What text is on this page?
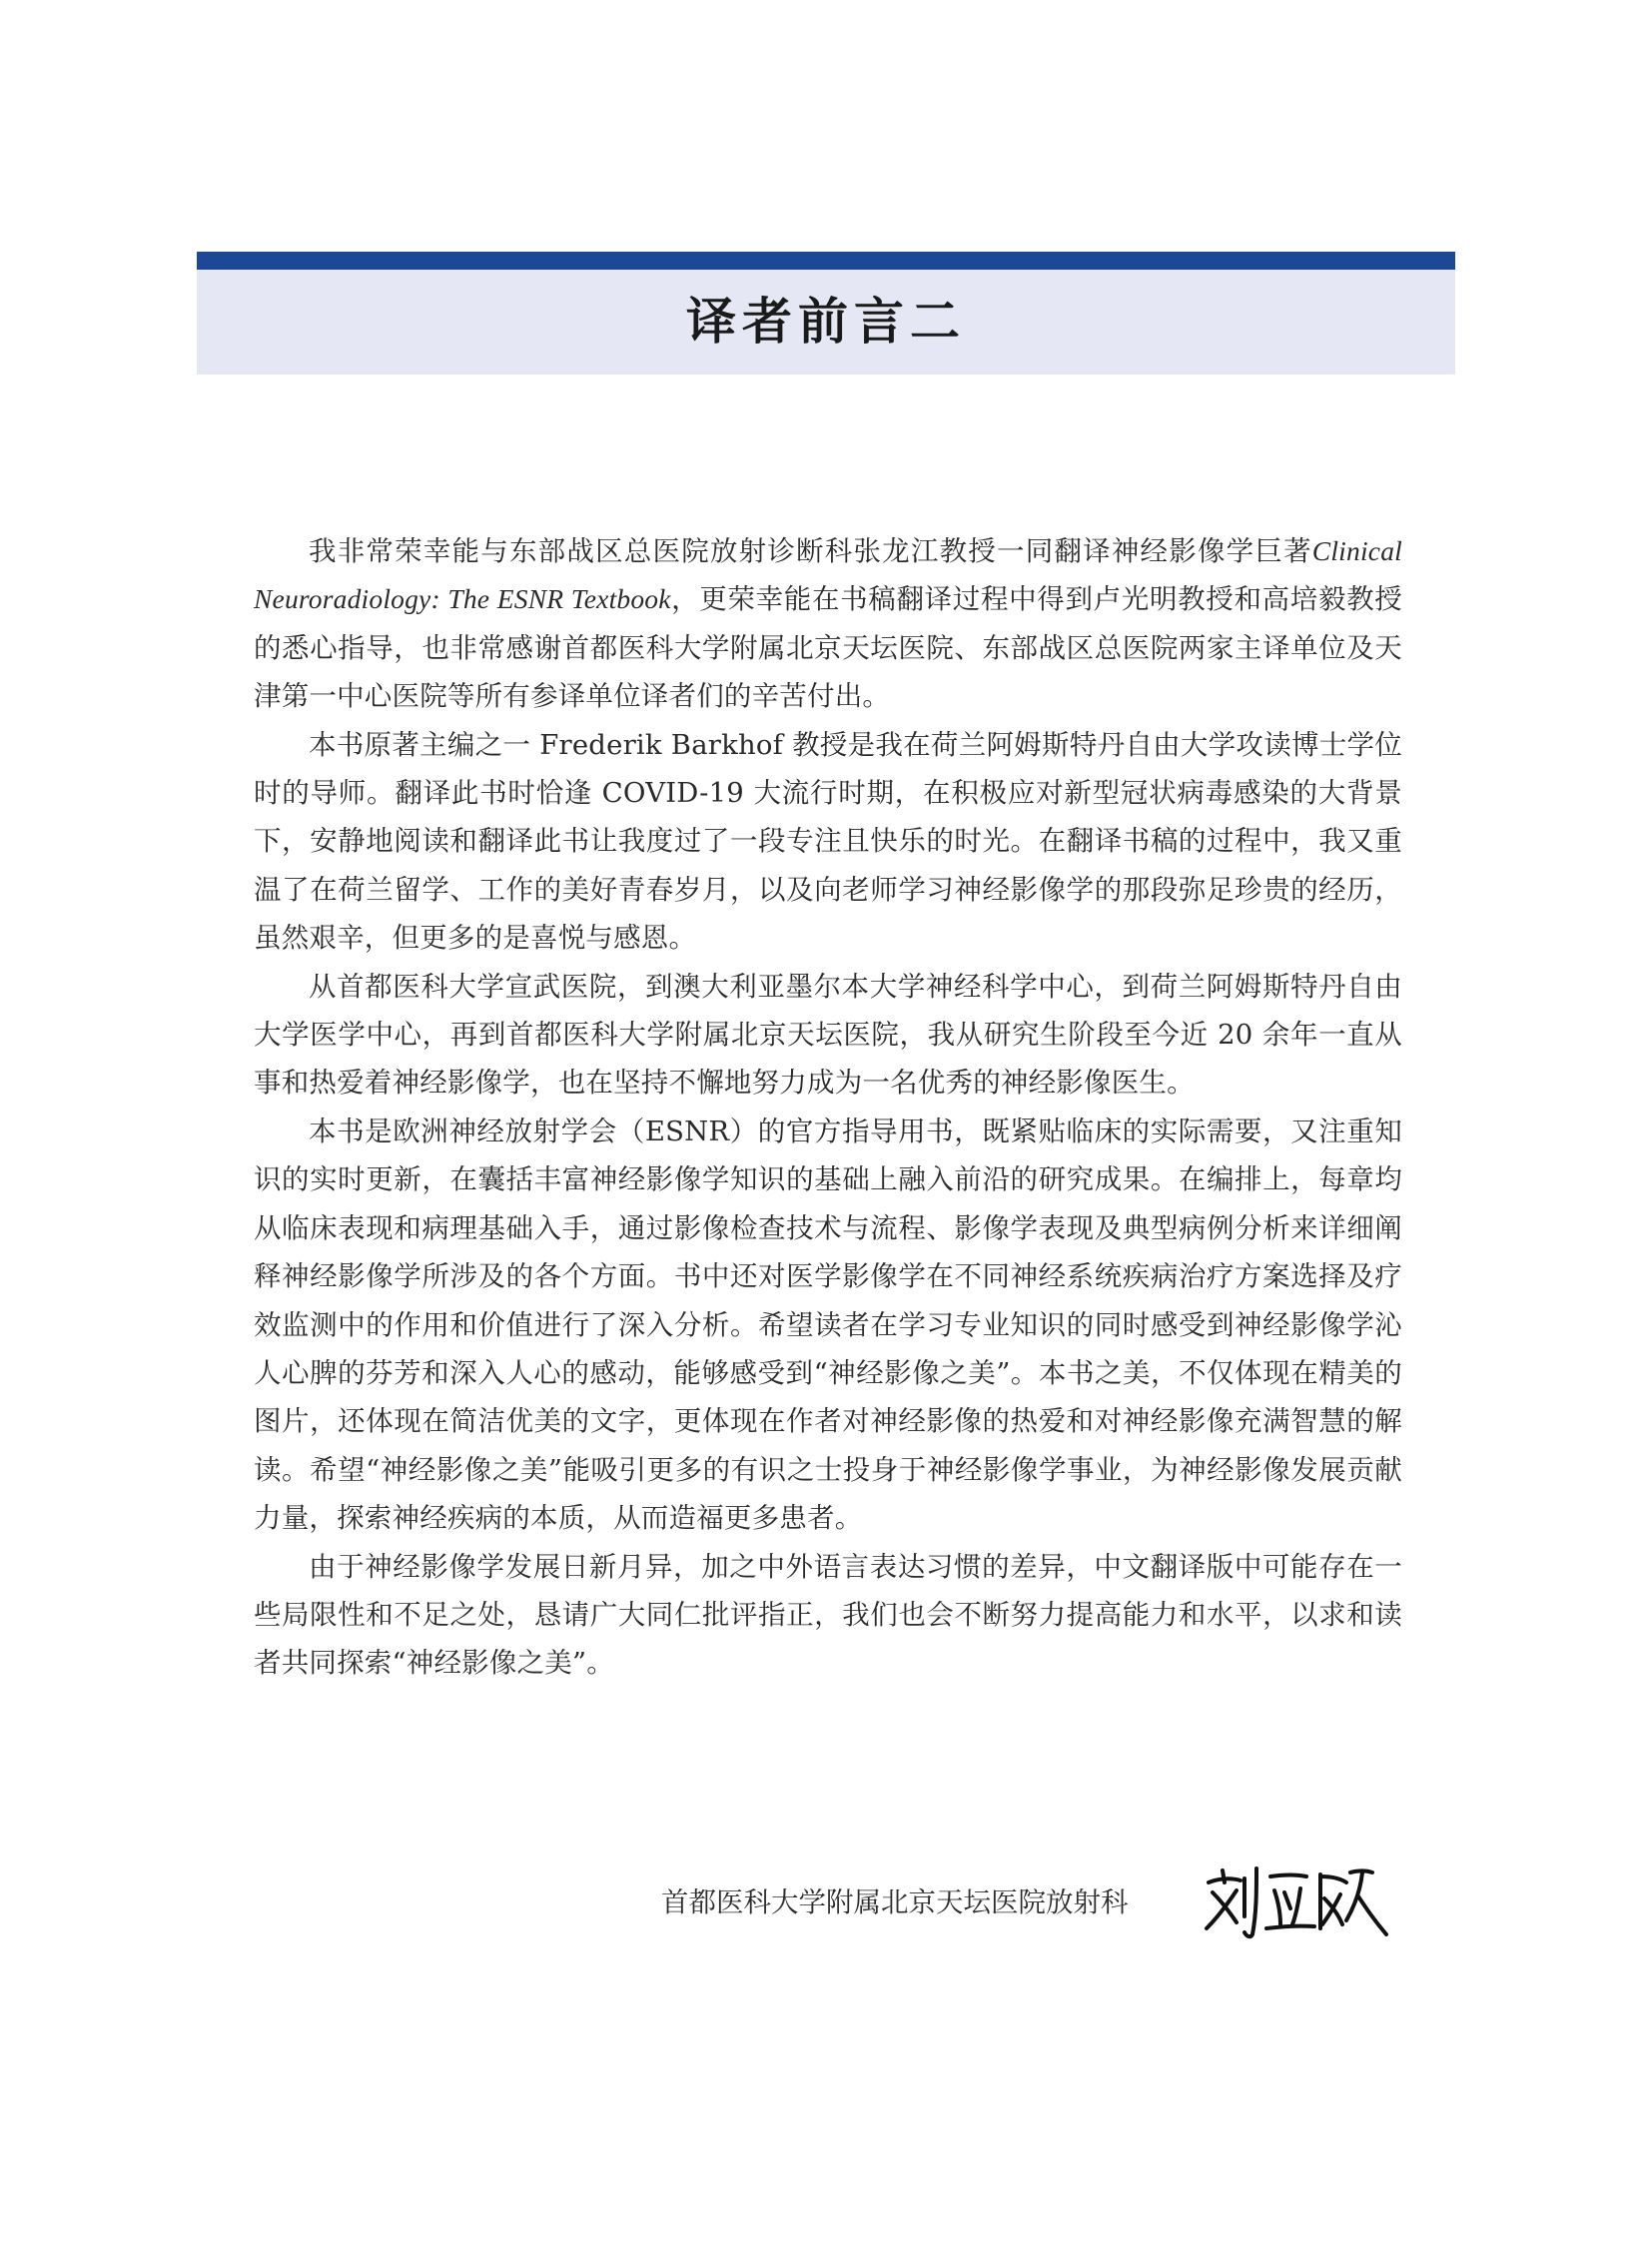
译者前言二

我非常荣幸能与东部战区总医院放射诊断科张龙江教授一同翻译神经影像学巨著Clinical Neuroradiology: The ESNR Textbook，更荣幸能在书稿翻译过程中得到卢光明教授和高培毅教授的悉心指导，也非常感谢首都医科大学附属北京天坛医院、东部战区总医院两家主译单位及天津第一中心医院等所有参译单位译者们的辛苦付出。

本书原著主编之一 Frederik Barkhof 教授是我在荷兰阿姆斯特丹自由大学攻读博士学位时的导师。翻译此书时恰逢 COVID-19 大流行时期，在积极应对新型冠状病毒感染的大背景下，安静地阅读和翻译此书让我度过了一段专注且快乐的时光。在翻译书稿的过程中，我又重温了在荷兰留学、工作的美好青春岁月，以及向老师学习神经影像学的那段弥足珍贵的经历，虽然艰辛，但更多的是喜悦与感恩。

从首都医科大学宣武医院，到澳大利亚墨尔本大学神经科学中心，到荷兰阿姆斯特丹自由大学医学中心，再到首都医科大学附属北京天坛医院，我从研究生阶段至今近 20 余年一直从事和热爱着神经影像学，也在坚持不懈地努力成为一名优秀的神经影像医生。

本书是欧洲神经放射学会（ESNR）的官方指导用书，既紧贴临床的实际需要，又注重知识的实时更新，在囊括丰富神经影像学知识的基础上融入前沿的研究成果。在编排上，每章均从临床表现和病理基础入手，通过影像检查技术与流程、影像学表现及典型病例分析来详细阐释神经影像学所涉及的各个方面。书中还对医学影像学在不同神经系统疾病治疗方案选择及疗效监测中的作用和价值进行了深入分析。希望读者在学习专业知识的同时感受到神经影像学沁人心脾的芬芳和深入人心的感动，能够感受到“神经影像之美”。本书之美，不仅体现在精美的图片，还体现在简洁优美的文字，更体现在作者对神经影像的热爱和对神经影像充满智慧的解读。希望“神经影像之美”能吸引更多的有识之士投身于神经影像学事业，为神经影像发展贡献力量，探索神经疾病的本质，从而造福更多患者。

由于神经影像学发展日新月异，加之中外语言表达习惯的差异，中文翻译版中可能存在一些局限性和不足之处，恳请广大同仁批评指正，我们也会不断努力提高能力和水平，以求和读者共同探索“神经影像之美”。

首都医科大学附属北京天坛医院放射科
